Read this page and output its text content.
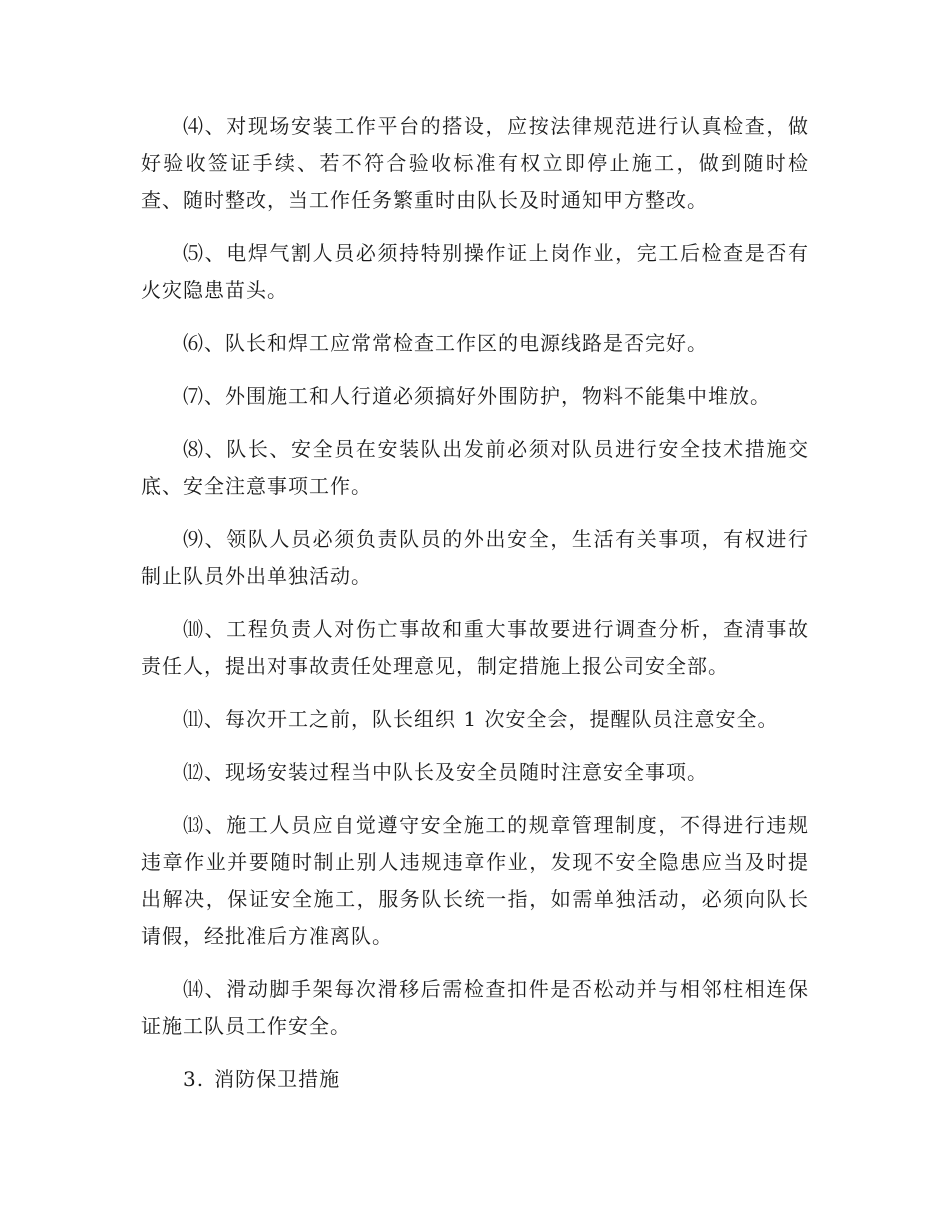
⑷、对现场安装工作平台的搭设，应按法律规范进行认真检查，做好验收签证手续、若不符合验收标准有权立即停止施工，做到随时检查、随时整改，当工作任务繁重时由队长及时通知甲方整改。

⑸、电焊气割人员必须持特别操作证上岗作业，完工后检查是否有火灾隐患苗头。

⑹、队长和焊工应常常检查工作区的电源线路是否完好。

⑺、外围施工和人行道必须搞好外围防护，物料不能集中堆放。

⑻、队长、安全员在安装队出发前必须对队员进行安全技术措施交底、安全注意事项工作。

⑼、领队人员必须负责队员的外出安全，生活有关事项，有权进行制止队员外出单独活动。

⑽、工程负责人对伤亡事故和重大事故要进行调查分析，查清事故责任人，提出对事故责任处理意见，制定措施上报公司安全部。

⑾、每次开工之前，队长组织 1 次安全会，提醒队员注意安全。

⑿、现场安装过程当中队长及安全员随时注意安全事项。

⒀、施工人员应自觉遵守安全施工的规章管理制度，不得进行违规违章作业并要随时制止别人违规违章作业，发现不安全隐患应当及时提出解决，保证安全施工，服务队长统一指，如需单独活动，必须向队长请假，经批准后方准离队。

⒁、滑动脚手架每次滑移后需检查扣件是否松动并与相邻柱相连保证施工队员工作安全。

3. 消防保卫措施
